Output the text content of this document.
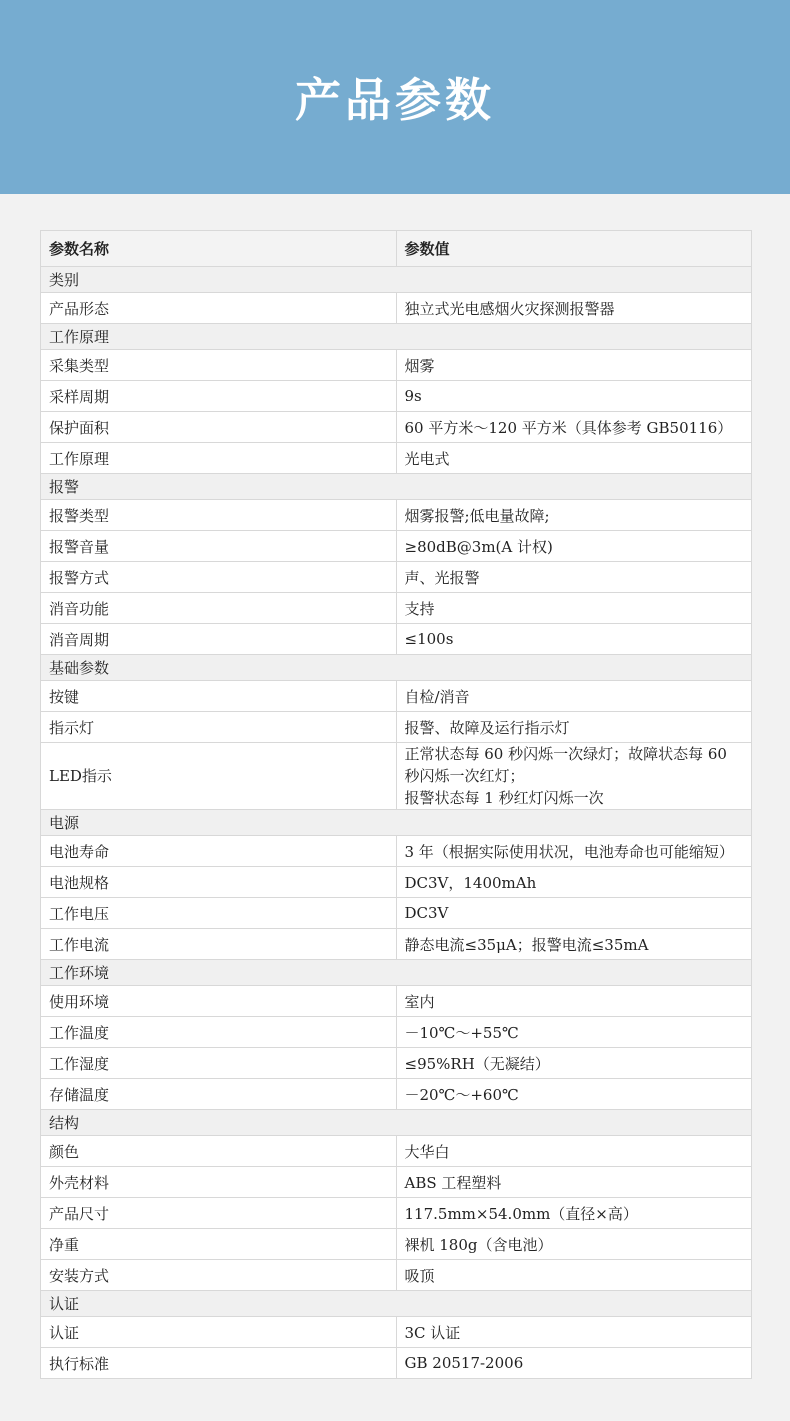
产品参数
参数名称	参数值
类别	
产品形态	独立式光电感烟火灾探测报警器
工作原理	
采集类型	烟雾
采样周期	9s
保护面积	60 平方米～120 平方米（具体参考 GB50116）
工作原理	光电式
报警	
报警类型	烟雾报警;低电量故障;
报警音量	≥80dB@3m(A 计权)
报警方式	声、光报警
消音功能	支持
消音周期	≤100s
基础参数	
按键	自检/消音
指示灯	报警、故障及运行指示灯
LED指示	正常状态每 60 秒闪烁一次绿灯；故障状态每 60 秒闪烁一次红灯；
报警状态每 1 秒红灯闪烁一次

电源	
电池寿命	3 年（根据实际使用状况，电池寿命也可能缩短）
电池规格	DC3V，1400mAh
工作电压	DC3V
工作电流	静态电流≤35μA；报警电流≤35mA
工作环境	
使用环境	室内
工作温度	－10℃～+55℃
工作湿度	≤95%RH（无凝结）
存储温度	－20℃～+60℃
结构	
颜色	大华白
外壳材料	ABS 工程塑料
产品尺寸	117.5mm×54.0mm（直径×高）
净重	裸机 180g（含电池）
安装方式	吸顶
认证	
认证	3C 认证
执行标准	GB 20517-2006
